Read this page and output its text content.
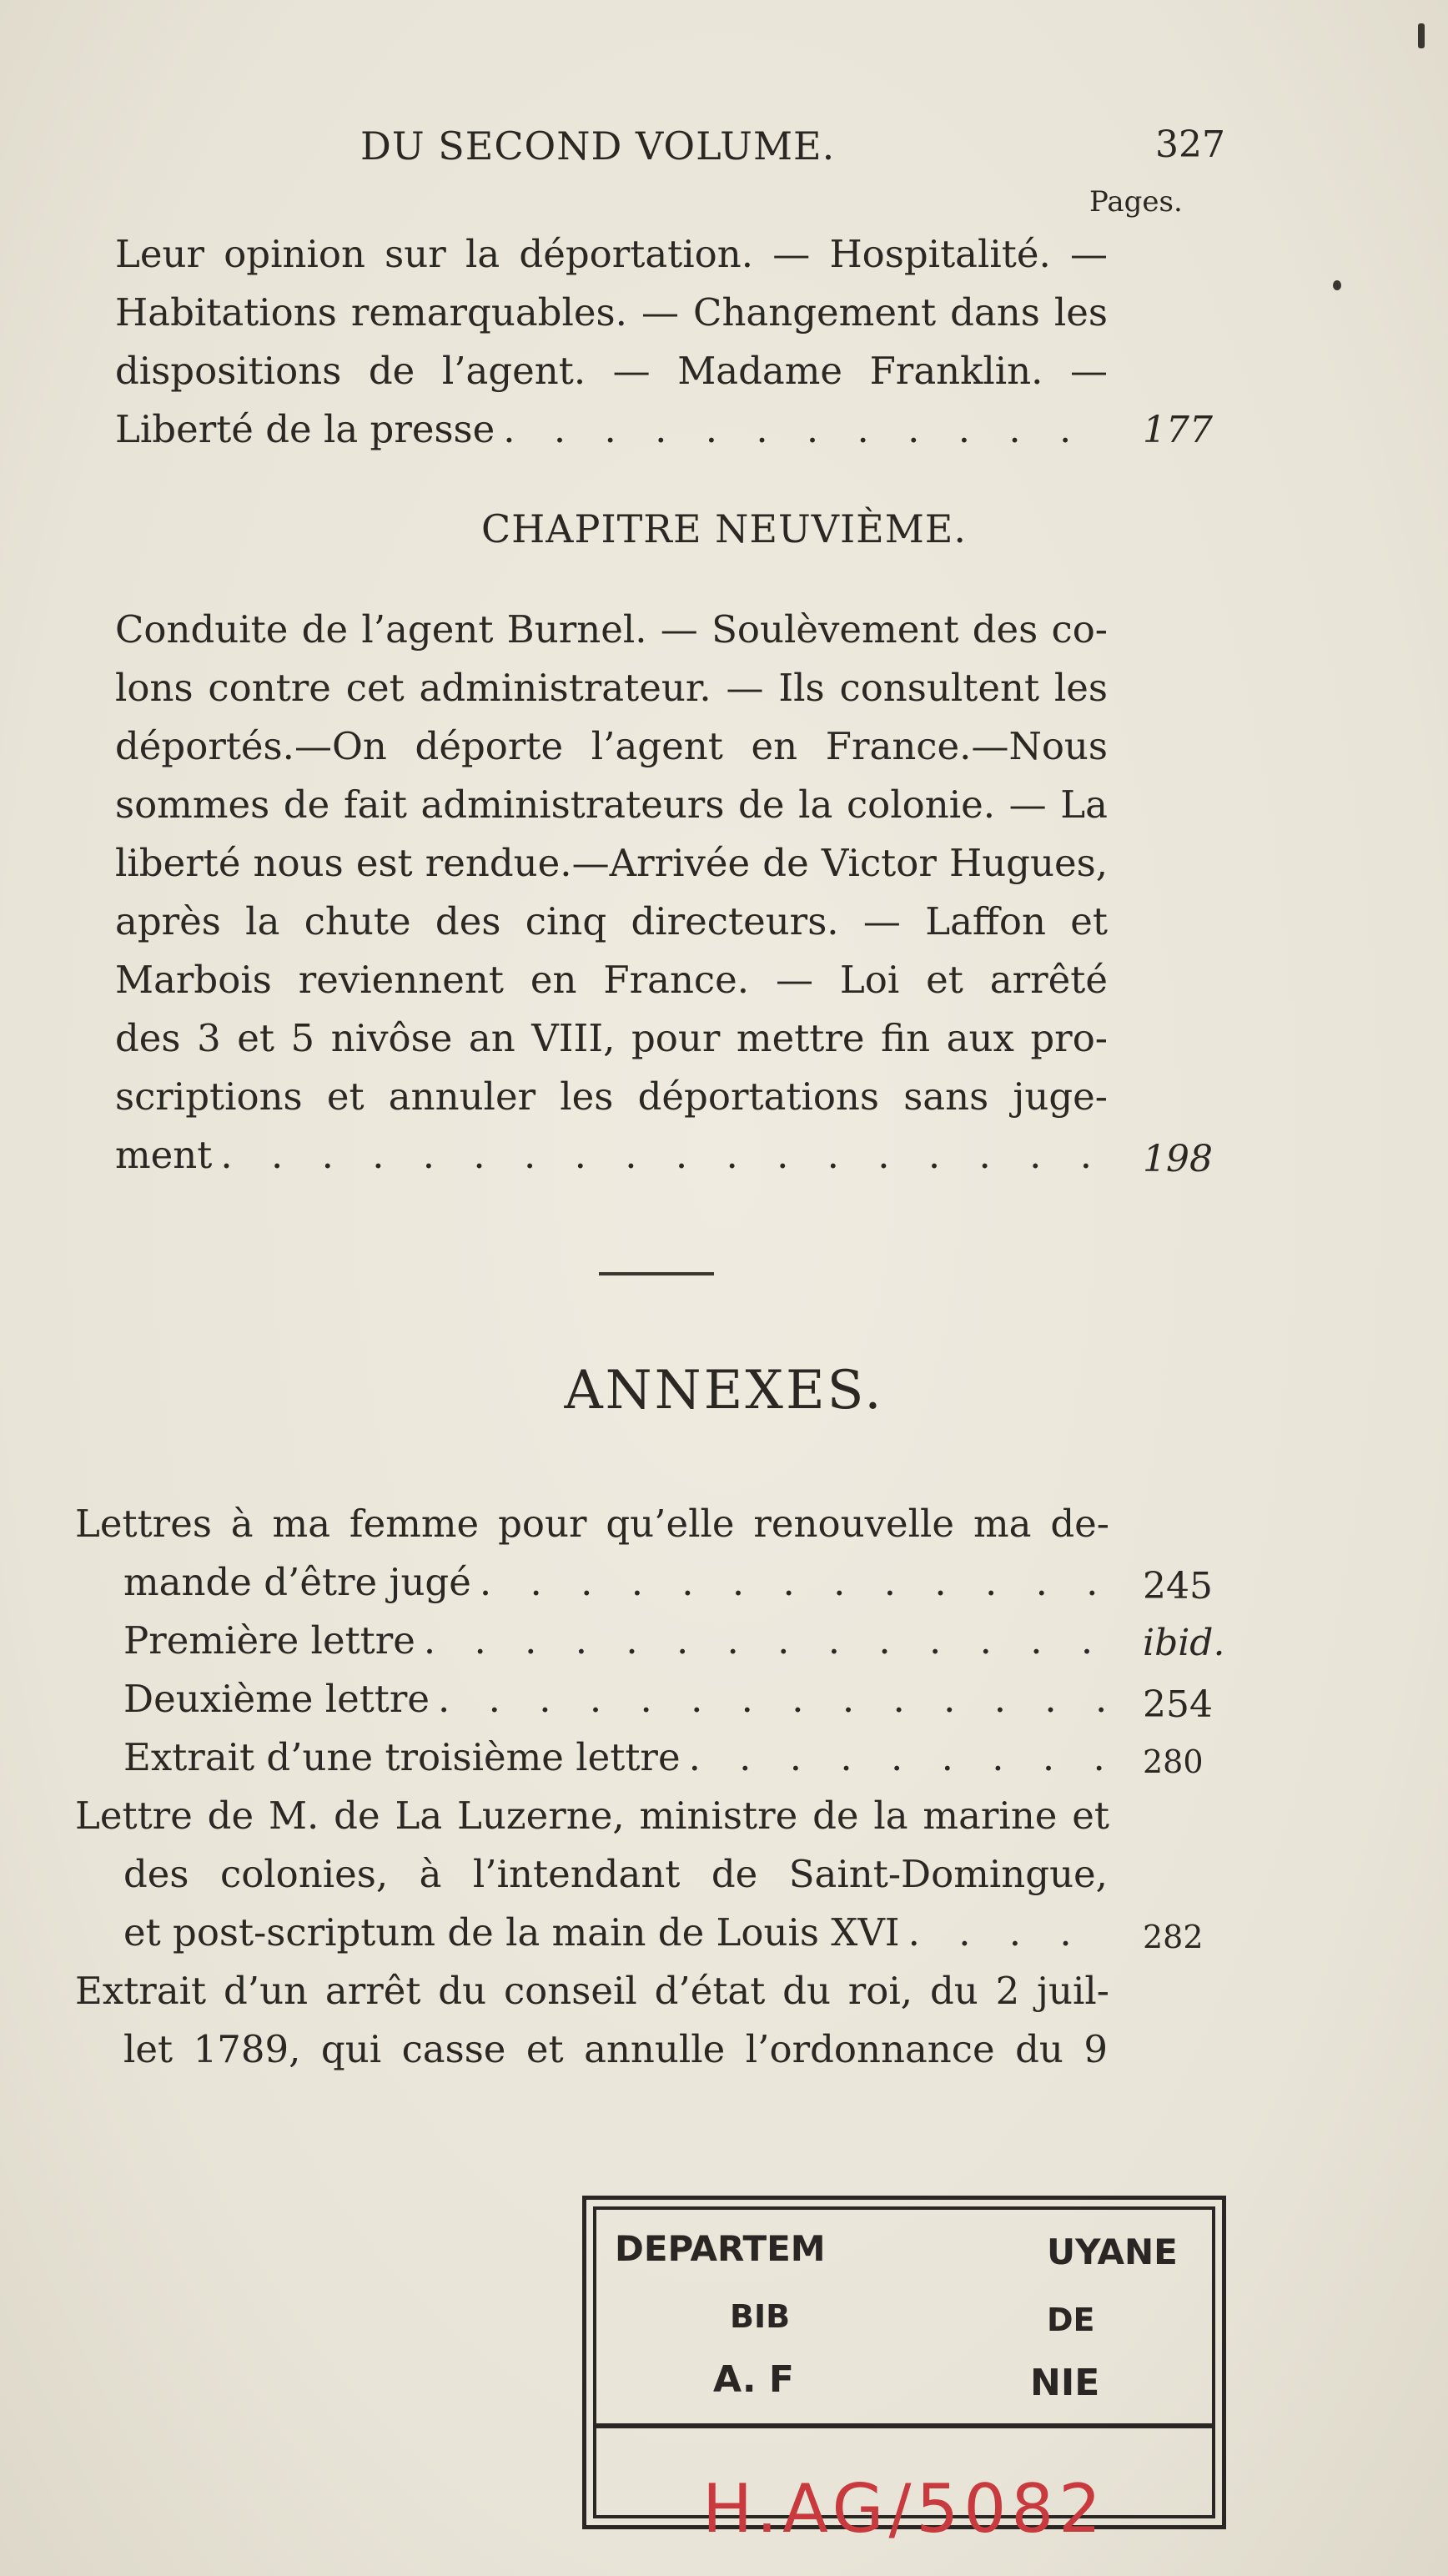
DU SECOND VOLUME.	327
Pages.
Leur opinion sur la déportation. — Hospitalité. —
Habitations remarquables. — Changement dans les
dispositions de l’agent. — Madame Franklin. —
Liberté de la presse . . .	177
CHAPITRE NEUVIÈME.
Conduite de l’agent Burnel. — Soulèvement des co-
lons contre cet administrateur. — Ils consultent les
déportés.—On déporte l’agent en France.—Nous
sommes de fait administrateurs de la colonie. — La
liberté nous est rendue.—Arrivée de Victor Hugues,
après la chute des cinq directeurs. — Laffon et
Marbois reviennent en France. — Loi et arrêté
des 3 et 5 nivôse an VIII, pour mettre fin aux pro-
scriptions et annuler les déportations sans juge-
ment . . .	198
ANNEXES.
Lettres à ma femme pour qu’elle renouvelle ma de-
mande d’être jugé . . .	245
Première lettre . . .	ibid.
Deuxième lettre . . .	254
Extrait d’une troisième lettre . . .	280
Lettre de M. de La Luzerne, ministre de la marine et
des colonies, à l’intendant de Saint-Domingue,
et post-scriptum de la main de Louis XVI . . .	282
Extrait d’un arrêt du conseil d’état du roi, du 2 juil-
let 1789, qui casse et annulle l’ordonnance du 9
DEPARTEM	UYANE
BIB	DE
A. F	NIE
H.AG/5082
